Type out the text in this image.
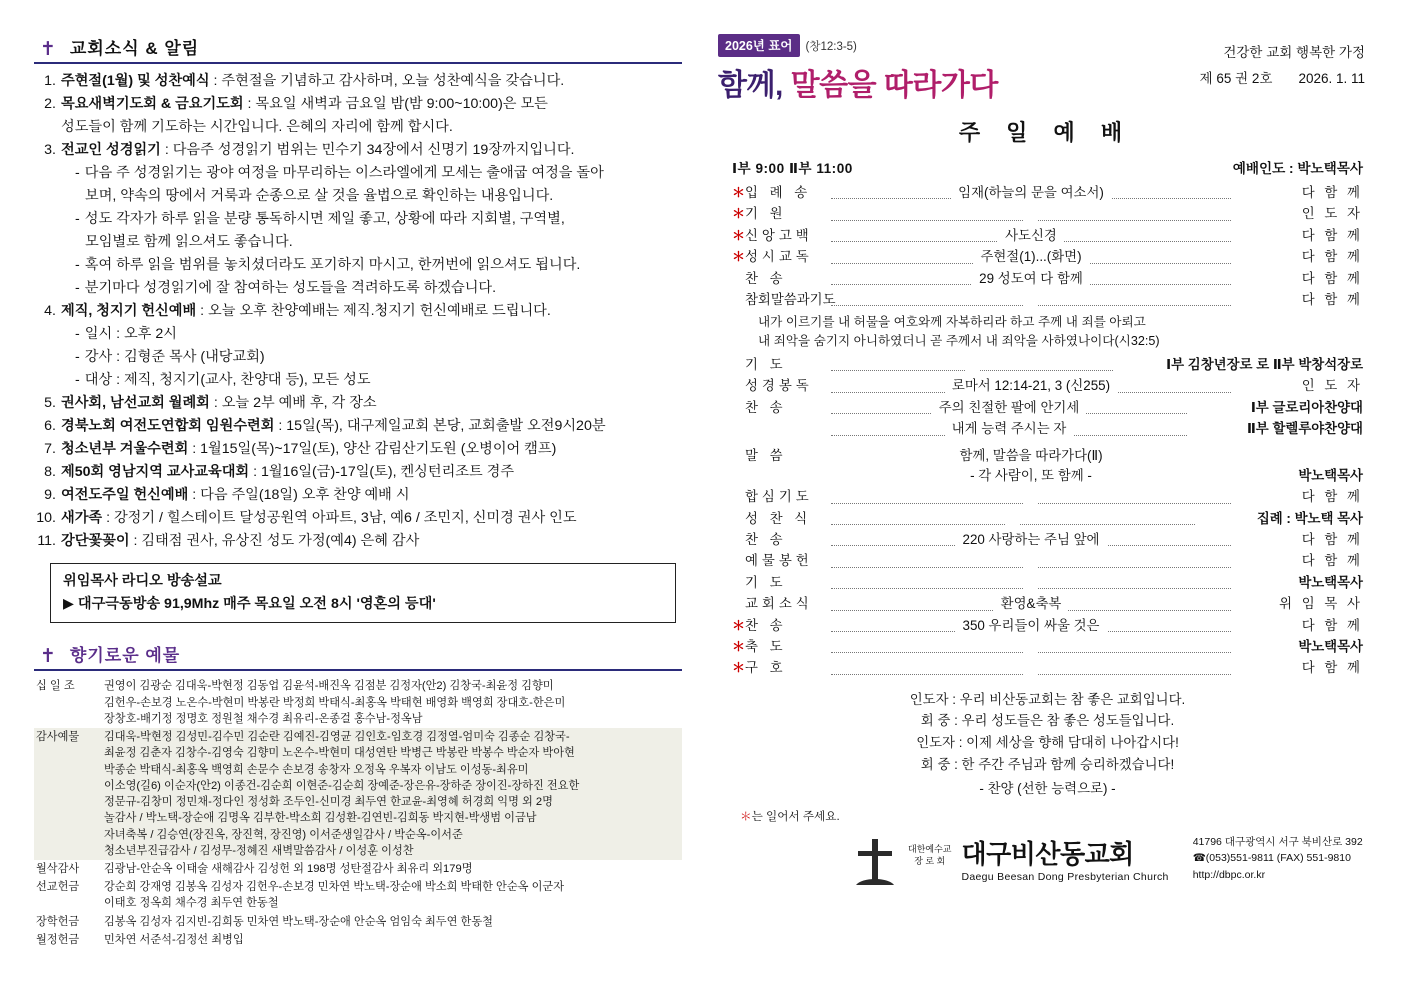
✝ 교회소식 & 알림
1. 주현절(1월) 및 성찬예식 : 주현절을 기념하고 감사하며, 오늘 성찬예식을 갖습니다.
2. 목요새벽기도회 & 금요기도회 : 목요일 새벽과 금요일 밤(밤 9:00~10:00)은 모든
성도들이 함께 기도하는 시간입니다. 은혜의 자리에 함께 합시다.
3. 전교인 성경읽기 : 다음주 성경읽기 범위는 민수기 34장에서 신명기 19장까지입니다.
- 다음 주 성경읽기는 광야 여정을 마무리하는 이스라엘에게 모세는 출애굽 여정을 돌아
보며, 약속의 땅에서 거룩과 순종으로 살 것을 율법으로 확인하는 내용입니다.
- 성도 각자가 하루 읽을 분량 통독하시면 제일 좋고, 상황에 따라 지회별, 구역별,
모임별로 함께 읽으셔도 좋습니다.
- 혹여 하루 읽을 범위를 놓치셨더라도 포기하지 마시고, 한꺼번에 읽으셔도 됩니다.
- 분기마다 성경읽기에 잘 참여하는 성도들을 격려하도록 하겠습니다.
4. 제직, 청지기 헌신예배 : 오늘 오후 찬양예배는 제직.청지기 헌신예배로 드립니다.
- 일시 : 오후 2시
- 강사 : 김형준 목사 (내당교회)
- 대상 : 제직, 청지기(교사, 찬양대 등), 모든 성도
5. 권사회, 남선교회 월례회 : 오늘 2부 예배 후, 각 장소
6. 경북노회 여전도연합회 임원수련회 : 15일(목), 대구제일교회 본당, 교회출발 오전9시20분
7. 청소년부 겨울수련회 : 1월15일(목)~17일(토), 양산 감림산기도원 (오병이어 캠프)
8. 제50회 영남지역 교사교육대회 : 1월16일(금)-17일(토), 켄싱턴리조트 경주
9. 여전도주일 헌신예배 : 다음 주일(18일) 오후 찬양 예배 시
10. 새가족 : 강정기 / 힐스테이트 달성공원역 아파트, 3남, 예6 / 조민지, 신미경 권사 인도
11. 강단꽃꽂이 : 김태점 권사, 유상진 성도 가정(예4) 은혜 감사
위임목사 라디오 방송설교
▶ 대구극동방송 91,9Mhz 매주 목요일 오전 8시 '영혼의 등대'
✝ 향기로운 예물
십 일 조	권영이 김광순 김대욱-박현정 김동업 김윤석-배진옥 김점분 김정자(안2) 김창국-최윤정 김향미
김헌우-손보경 노온수-박현미 박봉란 박정희 박태식-최홍옥 박태현 배영화 백영희 장대호-한은미
장창호-배기정 정명호 정원철 채수경 최유리-온종걸 홍수남-정옥남

감사예물	김대욱-박현정 김성민-김수민 김순란 김예진-김영균 김인호-임호경 김정열-엄미숙 김종순 김창국-
최윤정 김춘자 김창수-김영숙 김향미 노온수-박현미 대성연탄 박병근 박봉란 박봉수 박순자 박아현
박종순 박태식-최홍옥 백영희 손문수 손보경 송창자 오정옥 우복자 이남도 이성동-최유미
이소영(길6) 이순자(안2) 이종건-김순희 이현준-김순희 장예준-장은유-장하준 장이진-장하진 전요한
정문규-김창미 정민채-정다인 정성화 조두인-신미경 최두연 한교윤-최영혜 허경희 익명 외 2명
놀감사 / 박노택-장순애 김명옥 김부한-박소희 김성환-김연빈-김희동 박지현-박생범 이금남
자녀축복 / 김승연(장진옥, 장진혁, 장진영) 이서준생일감사 / 박순옥-이서준
청소년부진급감사 / 김성무-정혜진 새벽말씀감사 / 이성훈 이성찬

월삭감사	김광남-안순옥 이태술 새해감사 김성헌 외 198명 성탄절감사 최유리 외179명

선교헌금	강순희 강재영 김봉옥 김성자 김헌우-손보경 민차연 박노택-장순애 박소희 박태한 안순옥 이군자
이태호 정옥희 채수경 최두연 한동철

장학헌금	김봉옥 김성자 김지빈-김희동 민차연 박노택-장순애 안순옥 엄임숙 최두연 한동철

월정헌금	민차연 서준석-김정선 최병입
2026년 표어	(창12:3-5)
함께, 말씀을 따라가다
건강한 교회 행복한 가정
제 65 권 2호 2026. 1. 11
주 일 예 배
Ⅰ부 9:00 Ⅱ부 11:00	예배인도 : 박노택목사
＊ 입 례 송	임재(하늘의 문을 여소서)	다 함 께
＊ 기 원	인 도 자
＊ 신앙고백	사도신경	다 함 께
＊ 성시교독	주현절(1)...(화면)	다 함 께
찬 송	29 성도여 다 함께	다 함 께
참회말씀과기도	다 함 께
내가 이르기를 내 허물을 여호와께 자복하리라 하고 주께 내 죄를 아뢰고
내 죄악을 숨기지 아니하였더니 곧 주께서 내 죄악을 사하였나이다(시32:5)
기 도	Ⅰ부 김창년장로 로 Ⅱ부 박창석장로
성경봉독	로마서 12:14-21, 3 (신255)	인 도 자
찬 송	주의 친절한 팔에 안기세	Ⅰ부 글로리아찬양대
내게 능력 주시는 자	Ⅱ부 할렐루야찬양대
말 씀	함께, 말씀을 따라가다(Ⅱ)
- 각 사람이, 또 함께 -	박노택목사
합심기도	다 함 께
성 찬 식	집례 : 박노택 목사
찬 송	220 사랑하는 주님 앞에	다 함 께
예물봉헌	다 함 께
기 도	박노택목사
교회소식	환영&축복	위 임 목 사
＊ 찬 송	350 우리들이 싸울 것은	다 함 께
＊ 축 도	박노택목사
＊ 구 호	다 함 께
인도자 : 우리 비산동교회는 참 좋은 교회입니다.
회 중 : 우리 성도들은 참 좋은 성도들입니다.
인도자 : 이제 세상을 향해 담대히 나아갑시다!
회 중 : 한 주간 주님과 함께 승리하겠습니다!
- 찬양 (선한 능력으로) -
＊는 일어서 주세요.
대한예수교
장 로 회 대구비산동교회
Daegu Beesan Dong Presbyterian Church
41796 대구광역시 서구 북비산로 392
☎(053)551-9811 (FAX) 551-9810
http://dbpc.or.kr
